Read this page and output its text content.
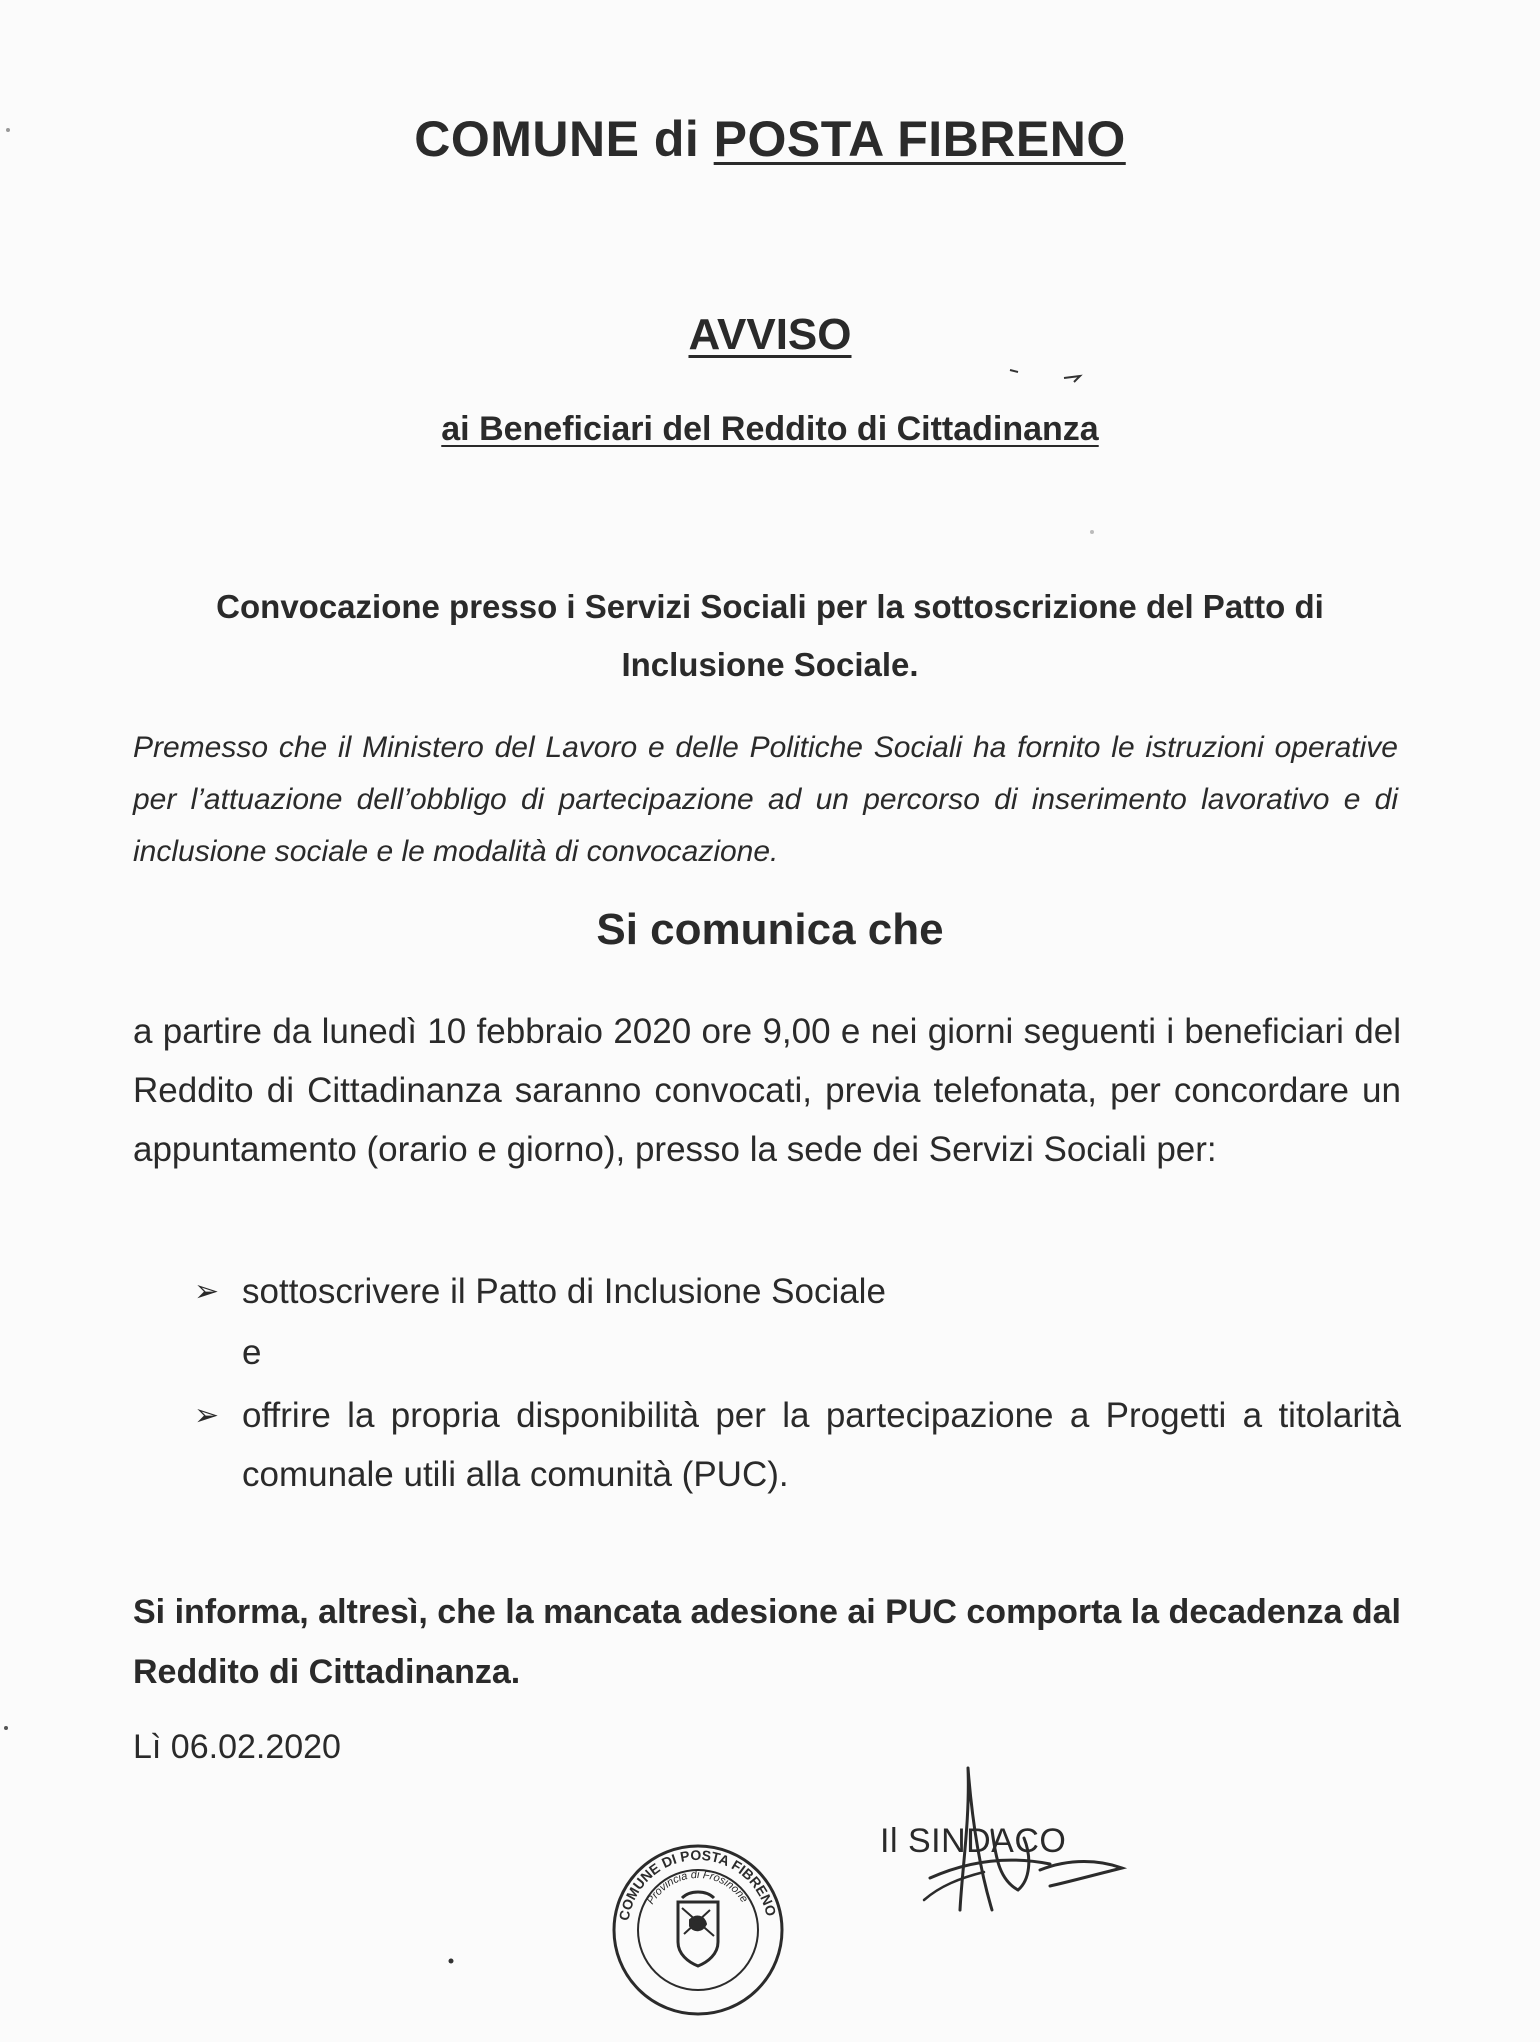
COMUNE di POSTA FIBRENO
AVVISO
ai Beneficiari del Reddito di Cittadinanza
Convocazione presso i Servizi Sociali per la sottoscrizione del Patto di
Inclusione Sociale.
Premesso che il Ministero del Lavoro e delle Politiche Sociali ha fornito le istruzioni operative per l’attuazione dell’obbligo di partecipazione ad un percorso di inserimento lavorativo e di inclusione sociale e le modalità di convocazione.
Si comunica che
a partire da lunedì 10 febbraio 2020 ore 9,00 e nei giorni seguenti i beneficiari del Reddito di Cittadinanza saranno convocati, previa telefonata, per concordare un appuntamento (orario e giorno), presso la sede dei Servizi Sociali per:
➢ sottoscrivere il Patto di Inclusione Sociale
e
➢ offrire la propria disponibilità per la partecipazione a Progetti a titolarità comunale utili alla comunità (PUC).
Si informa, altresì, che la mancata adesione ai PUC comporta la decadenza dal Reddito di Cittadinanza.
Lì 06.02.2020
Il SINDACO
COMUNE DI POSTA FIBRENO
Provincia di Frosinone
